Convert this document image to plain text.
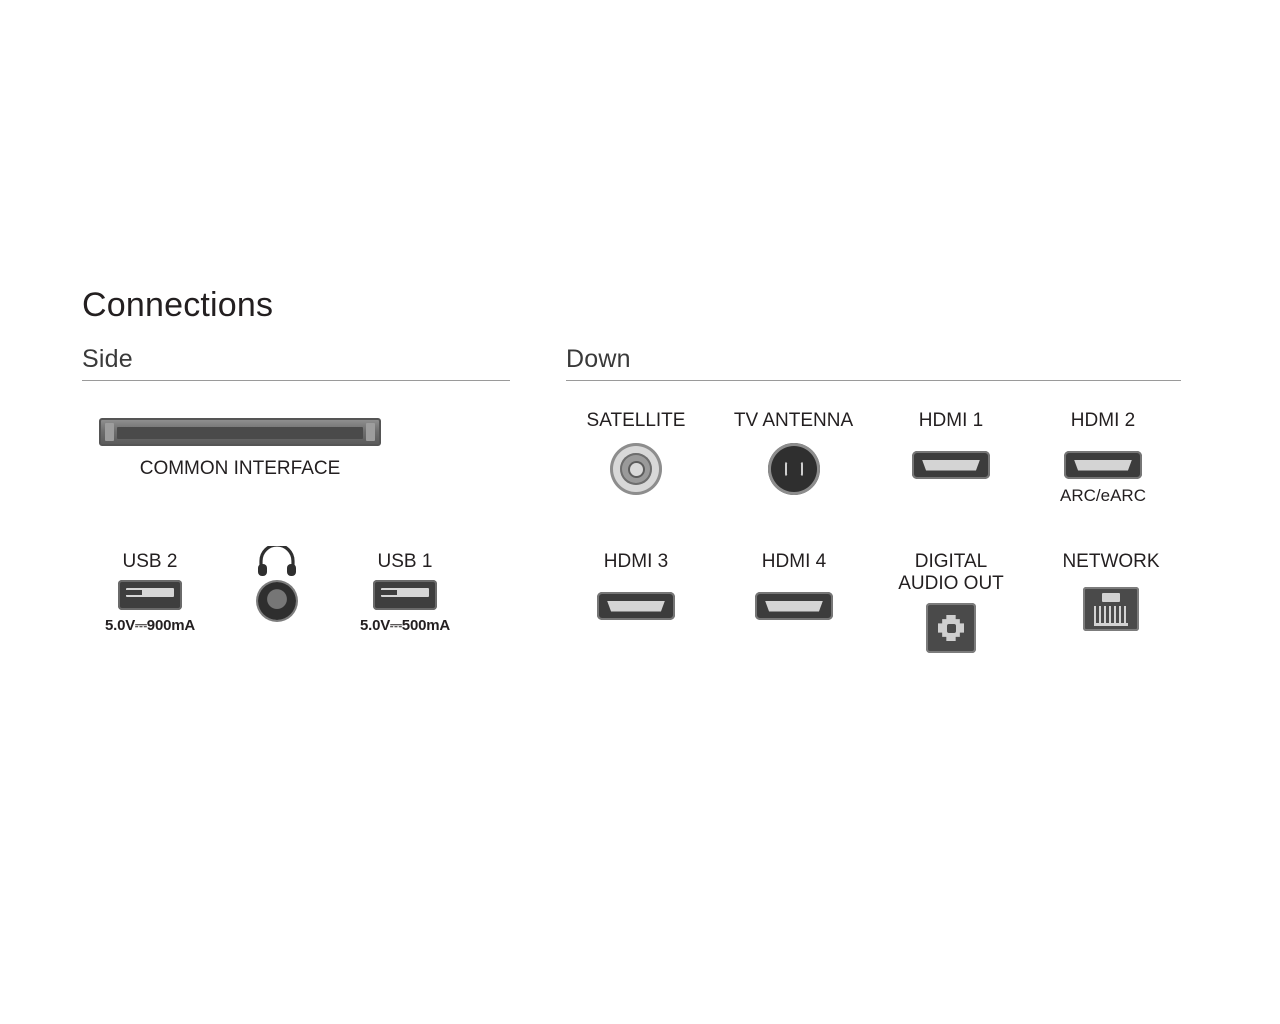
Connections
Side	Down
COMMON INTERFACE
USB 2
5.0V⎓900mA
USB 1
5.0V⎓500mA
SATELLITE	TV ANTENNA	HDMI 1	HDMI 2
ARC/eARC
HDMI 3	HDMI 4	DIGITAL
AUDIO OUT
NETWORK
